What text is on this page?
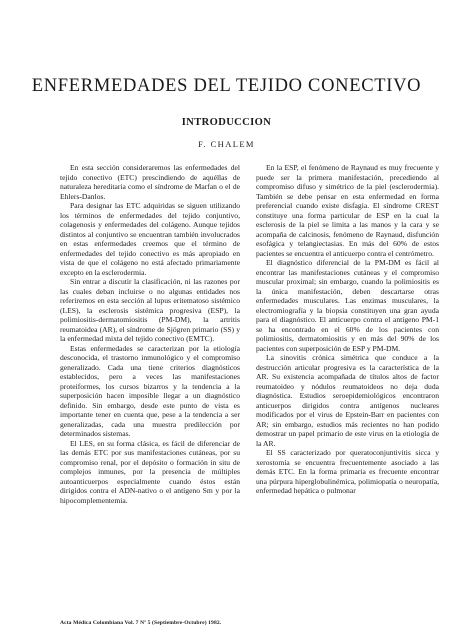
ENFERMEDADES DEL TEJIDO CONECTIVO
INTRODUCCION
F. CHALEM

En esta sección consideraremos las enfermedades del tejido conectivo (ETC) prescindiendo de aquéllas de naturaleza hereditaria como el síndrome de Marfan o el de Ehlers-Danlos.

Para designar las ETC adquiridas se siguen utilizando los términos de enfermedades del tejido conjuntivo, colagenosis y enfermedades del colágeno. Aunque tejidos distintos al conjuntivo se encuentran también involucrados en estas enfermedades creemos que el término de enfermedades del tejido conectivo es más apropiado en vista de que el colágeno no está afectado primariamente excepto en la esclerodermia.

Sin entrar a discutir la clasificación, ni las razones por las cuales deban incluirse o no algunas entidades nos referiremos en esta sección al lupus eritematoso sistémico (LES), la esclerosis sistémica progresiva (ESP), la polimiositis-dermatomiositis (PM-DM), la artritis reumatoidea (AR), el síndrome de Sjögren primario (SS) y la enfermedad mixta del tejido conectivo (EMTC).

Estas enfermedades se caracterizan por la etiología desconocida, el trastorno inmunológico y el compromiso generalizado. Cada una tiene criterios diagnósticos establecidos, pero a veces las manifestaciones proteiformes, los cursos bizarros y la tendencia a la superposición hacen imposible llegar a un diagnóstico definido. Sin embargo, desde este punto de vista es importante tener en cuenta que, pese a la tendencia a ser generalizadas, cada una muestra predilección por determinados sistemas.

El LES, en su forma clásica, es fácil de diferenciar de las demás ETC por sus manifestaciones cutáneas, por su compromiso renal, por el depósito o formación in situ de complejos inmunes, por la presencia de múltiples autoanticuerpos especialmente cuando éstos están dirigidos contra el ADN-nativo o el antígeno Sm y por la hipocomplementemia.

En la ESP, el fenómeno de Raynaud es muy frecuente y puede ser la primera manifestación, precediendo al compromiso difuso y simétrico de la piel (esclerodermia). También se debe pensar en esta enfermedad en forma preferencial cuando existe disfagia. El síndrome CREST constituye una forma particular de ESP en la cual la esclerosis de la piel se limita a las manos y la cara y se acompaña de calcinosis, fenómeno de Raynaud, disfunción esofágica y telangiectasias. En más del 60% de estos pacientes se encuentra el anticuerpo contra el centrómetro.

El diagnóstico diferencial de la PM-DM es fácil al encontrar las manifestaciones cutáneas y el compromiso muscular proximal; sin embargo, cuando la polimiositis es la única manifestación, deben descartarse otras enfermedades musculares. Las enzimas musculares, la electromiografía y la biopsia constituyen una gran ayuda para el diagnóstico. El anticuerpo contra el antígeno PM-1 se ha encontrado en el 60% de los pacientes con polimiositis, dermatomiositis y en más del 90% de los pacientes con superposición de ESP y PM-DM.

La sinovitis crónica simétrica que conduce a la destrucción articular progresiva es la característica de la AR. Su existencia acompañada de títulos altos de factor reumatoideo y nódulos reumatoideos no deja duda diagnóstica. Estudios seroepidemiológicos encontraron anticuerpos dirigidos contra antígenos nucleares modificados por el virus de Epstein-Barr en pacientes con AR; sin embargo, estudios más recientes no han podido demostrar un papel primario de este virus en la etiología de la AR.

El SS caracterizado por queratoconjuntivitis sicca y xerostomía se encuentra frecuentemente asociado a las demás ETC. En la forma primaria es frecuente encontrar una púrpura hiperglobulinémica, polimiopatía o neuropatía, enfermedad hepática o pulmonar

Acta Médica Colombiana Vol. 7 Nº 5 (Septiembre-Octubre) 1982.
